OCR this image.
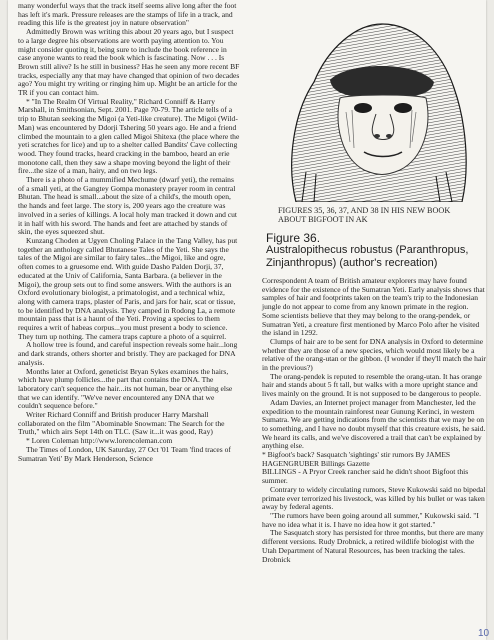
many wonderful ways that the track itself seems alive long after the foot has left it's mark. Pressure releases are the stamps of life in a track, and reading this life is the greatest joy in nature observation"

Admittedly Brown was writing this about 20 years ago, but I suspect to a large degree his observations are worth paying attention to. You might consider quoting it, being sure to include the book reference in case anyone wants to read the book which is fascinating. Now . . . Is Brown still alive? Is he still in business? Has he seen any more recent BF tracks, especially any that may have changed that opinion of two decades ago? You might try writing or ringing him up. Might be an article for the TR if you can contact him.

* "In The Realm Of Virtual Reality," Richard Conniff & Harry Marshall, in Smithsonian, Sept. 2001. Page 70-79. The article tells of a trip to Bhutan seeking the Migoi (a Yeti-like creature). The Migoi (Wild-Man) was encountered by Ddorji Tshering 50 years ago. He and a friend climbed the mountain to a glen called Migoi Shitexa (the place where the yeti scratches for lice) and up to a shelter called Bandits' Cave collecting wood. They found tracks, heard cracking in the bamboo, heard an erie monotone call, then they saw a shape moving beyond the light of their fire...the size of a man, hairy, and on two legs.

There is a photo of a mummified Mechume (dwarf yeti), the remains of a small yeti, at the Gangtey Gompa monastery prayer room in central Bhutan. The head is small...about the size of a child's, the mouth open, the hands and feet large. The story is, 200 years ago the creature was involved in a series of killings. A local holy man tracked it down and cut it in half with his sword. The hands and feet are attached by stands of skin, the eyes squeezed shut.

Kunzang Choden at Ugyen Choling Palace in the Tang Valley, has put together an anthology called Bhutanese Tales of the Yeti. She says the tales of the Migoi are similar to fairy tales...the Migoi, like and ogre, often comes to a gruesome end. With guide Dasho Palden Dorji, 37, educated at the Univ of California, Santa Barbara. (a believer in the Migoi), the group sets out to find some answers. With the authors is an Oxford evolutionary biologist, a primatologist, and a technical whiz, along with camera traps, plaster of Paris, and jars for hair, scat or tissue, to be identified by DNA analysis. They camped in Rodong La, a remote mountain pass that is a haunt of the Yeti. Proving a species to them requires a writ of habeas corpus...you must present a body to science. They turn up nothing. The camera traps capture a photo of a squirrel.

A hollow tree is found, and careful inspection reveals some hair...long and dark strands, others shorter and bristly. They are packaged for DNA analysis.

Months later at Oxford, geneticist Bryan Sykes examines the hairs, which have plump follicles...the part that contains the DNA. The laboratory can't sequence the hair...its not human, bear or anything else that we can identify. "We've never encountered any DNA that we couldn't sequence before."

Writer Richard Conniff and British producer Harry Marshall collaborated on the film "Abominable Snowman: The Search for the Truth," which airs Sept 14th on TLC. (Saw it...it was good, Ray)

* Loren Coleman http://www.lorencoleman.com

The Times of London, UK Saturday, 27 Oct '01 Team 'find traces of Sumatran Yeti' By Mark Henderson, Science

FIGURES 35, 36, 37, AND 38 IN HIS NEW BOOK ABOUT BIGFOOT IN AK
Figure 36.
Australopithecus robustus (Paranthropus, Zinjanthropus) (author's recreation)

Correspondent A team of British amateur explorers may have found evidence for the existence of the Sumatran Yeti. Early analysis shows that samples of hair and footprints taken on the team's trip to the Indonesian jungle do not appear to come from any known primate in the region. Some scientists believe that they may belong to the orang-pendek, or Sumatran Yeti, a creature first mentioned by Marco Polo after he visited the island in 1292.

Clumps of hair are to be sent for DNA analysis in Oxford to determine whether they are those of a new species, which would most likely be a relative of the orang-utan or the gibbon. (I wonder if they'll match the hair in the previous?)

The orang-pendek is reputed to resemble the orang-utan. It has orange hair and stands about 5 ft tall, but walks with a more upright stance and lives mainly on the ground. It is not supposed to be dangerous to people.

Adam Davies, an Internet project manager from Manchester, led the expedition to the mountain rainforest near Gunung Kerinci, in western Sumatra. We are getting indications from the scientists that we may be on to something, and I have no doubt myself that this creature exists, he said. We heard its calls, and we've discovered a trail that can't be explained by anything else.

* Bigfoot's back? Sasquatch 'sightings' stir rumors By JAMES HAGENGRUBER Billings Gazette

BILLINGS - A Pryor Creek rancher said he didn't shoot Bigfoot this summer.

Contrary to widely circulating rumors, Steve Kukowski said no bipedal primate ever terrorized his livestock, was killed by his bullet or was taken away by federal agents.

"The rumors have been going around all summer," Kukowski said. "I have no idea what it is. I have no idea how it got started."

The Sasquatch story has persisted for three months, but there are many different versions. Rudy Drobnick, a retired wildlife biologist with the Utah Department of Natural Resources, has been tracking the tales. Drobnick

10
